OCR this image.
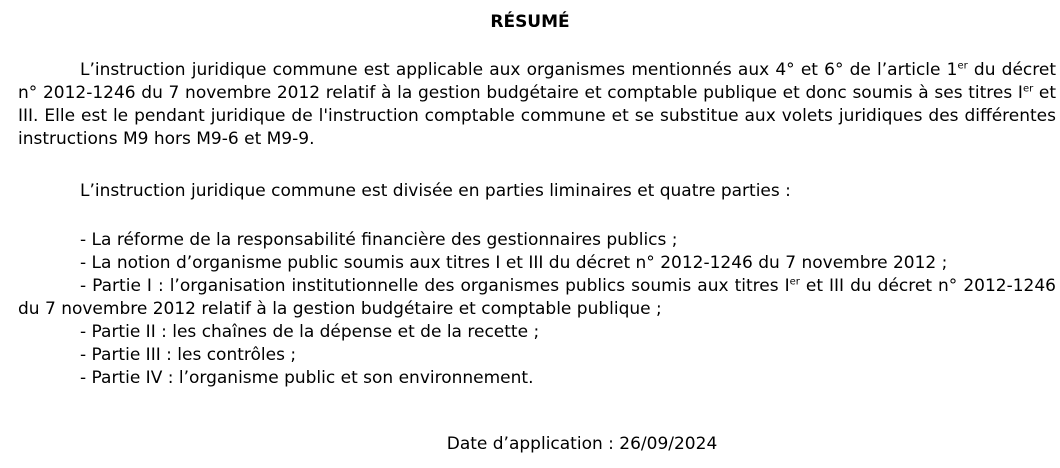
RÉSUMÉ

L’instruction juridique commune est applicable aux organismes mentionnés aux 4° et 6° de l’article 1er du décret n° 2012-1246 du 7 novembre 2012 relatif à la gestion budgétaire et comptable publique et donc soumis à ses titres Ier et III. Elle est le pendant juridique de l'instruction comptable commune et se substitue aux volets juridiques des différentes instructions M9 hors M9-6 et M9-9.

L’instruction juridique commune est divisée en parties liminaires et quatre parties :

- La réforme de la responsabilité financière des gestionnaires publics ;
- La notion d’organisme public soumis aux titres I et III du décret n° 2012-1246 du 7 novembre 2012 ;
- Partie I : l’organisation institutionnelle des organismes publics soumis aux titres Ier et III du décret n° 2012-1246 du 7 novembre 2012 relatif à la gestion budgétaire et comptable publique ;
- Partie II : les chaînes de la dépense et de la recette ;
- Partie III : les contrôles ;
- Partie IV : l’organisme public et son environnement.
Date d’application : 26/09/2024
